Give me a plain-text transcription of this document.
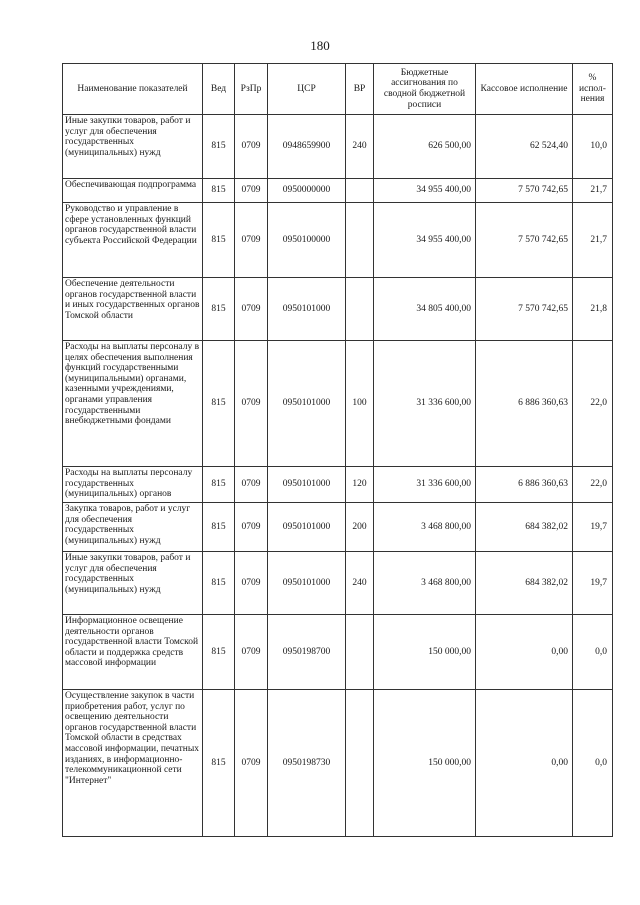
180
Наименование показателей	Вед	РзПр	ЦСР	ВР	Бюджетные ассигнования по сводной бюджетной росписи	Кассовое исполнение	% испол-нения
Иные закупки товаров, работ и услуг для обеспечения государственных (муниципальных) нужд	815	0709	0948659900	240	626 500,00	62 524,40	10,0
Обеспечивающая подпрограмма	815	0709	0950000000		34 955 400,00	7 570 742,65	21,7
Руководство и управление в сфере установленных функций органов государственной власти субъекта Российской Федерации	815	0709	0950100000		34 955 400,00	7 570 742,65	21,7
Обеспечение деятельности органов государственной власти и иных государственных органов Томской области	815	0709	0950101000		34 805 400,00	7 570 742,65	21,8
Расходы на выплаты персоналу в целях обеспечения выполнения функций государственными (муниципальными) органами, казенными учреждениями, органами управления государственными внебюджетными фондами	815	0709	0950101000	100	31 336 600,00	6 886 360,63	22,0
Расходы на выплаты персоналу государственных (муниципальных) органов	815	0709	0950101000	120	31 336 600,00	6 886 360,63	22,0
Закупка товаров, работ и услуг для обеспечения государственных (муниципальных) нужд	815	0709	0950101000	200	3 468 800,00	684 382,02	19,7
Иные закупки товаров, работ и услуг для обеспечения государственных (муниципальных) нужд	815	0709	0950101000	240	3 468 800,00	684 382,02	19,7
Информационное освещение деятельности органов государственной власти Томской области и поддержка средств массовой информации	815	0709	0950198700		150 000,00	0,00	0,0
Осуществление закупок в части приобретения работ, услуг по освещению деятельности органов государственной власти Томской области в средствах массовой информации, печатных изданиях, в информационно-телекоммуникационной сети "Интернет"	815	0709	0950198730		150 000,00	0,00	0,0
